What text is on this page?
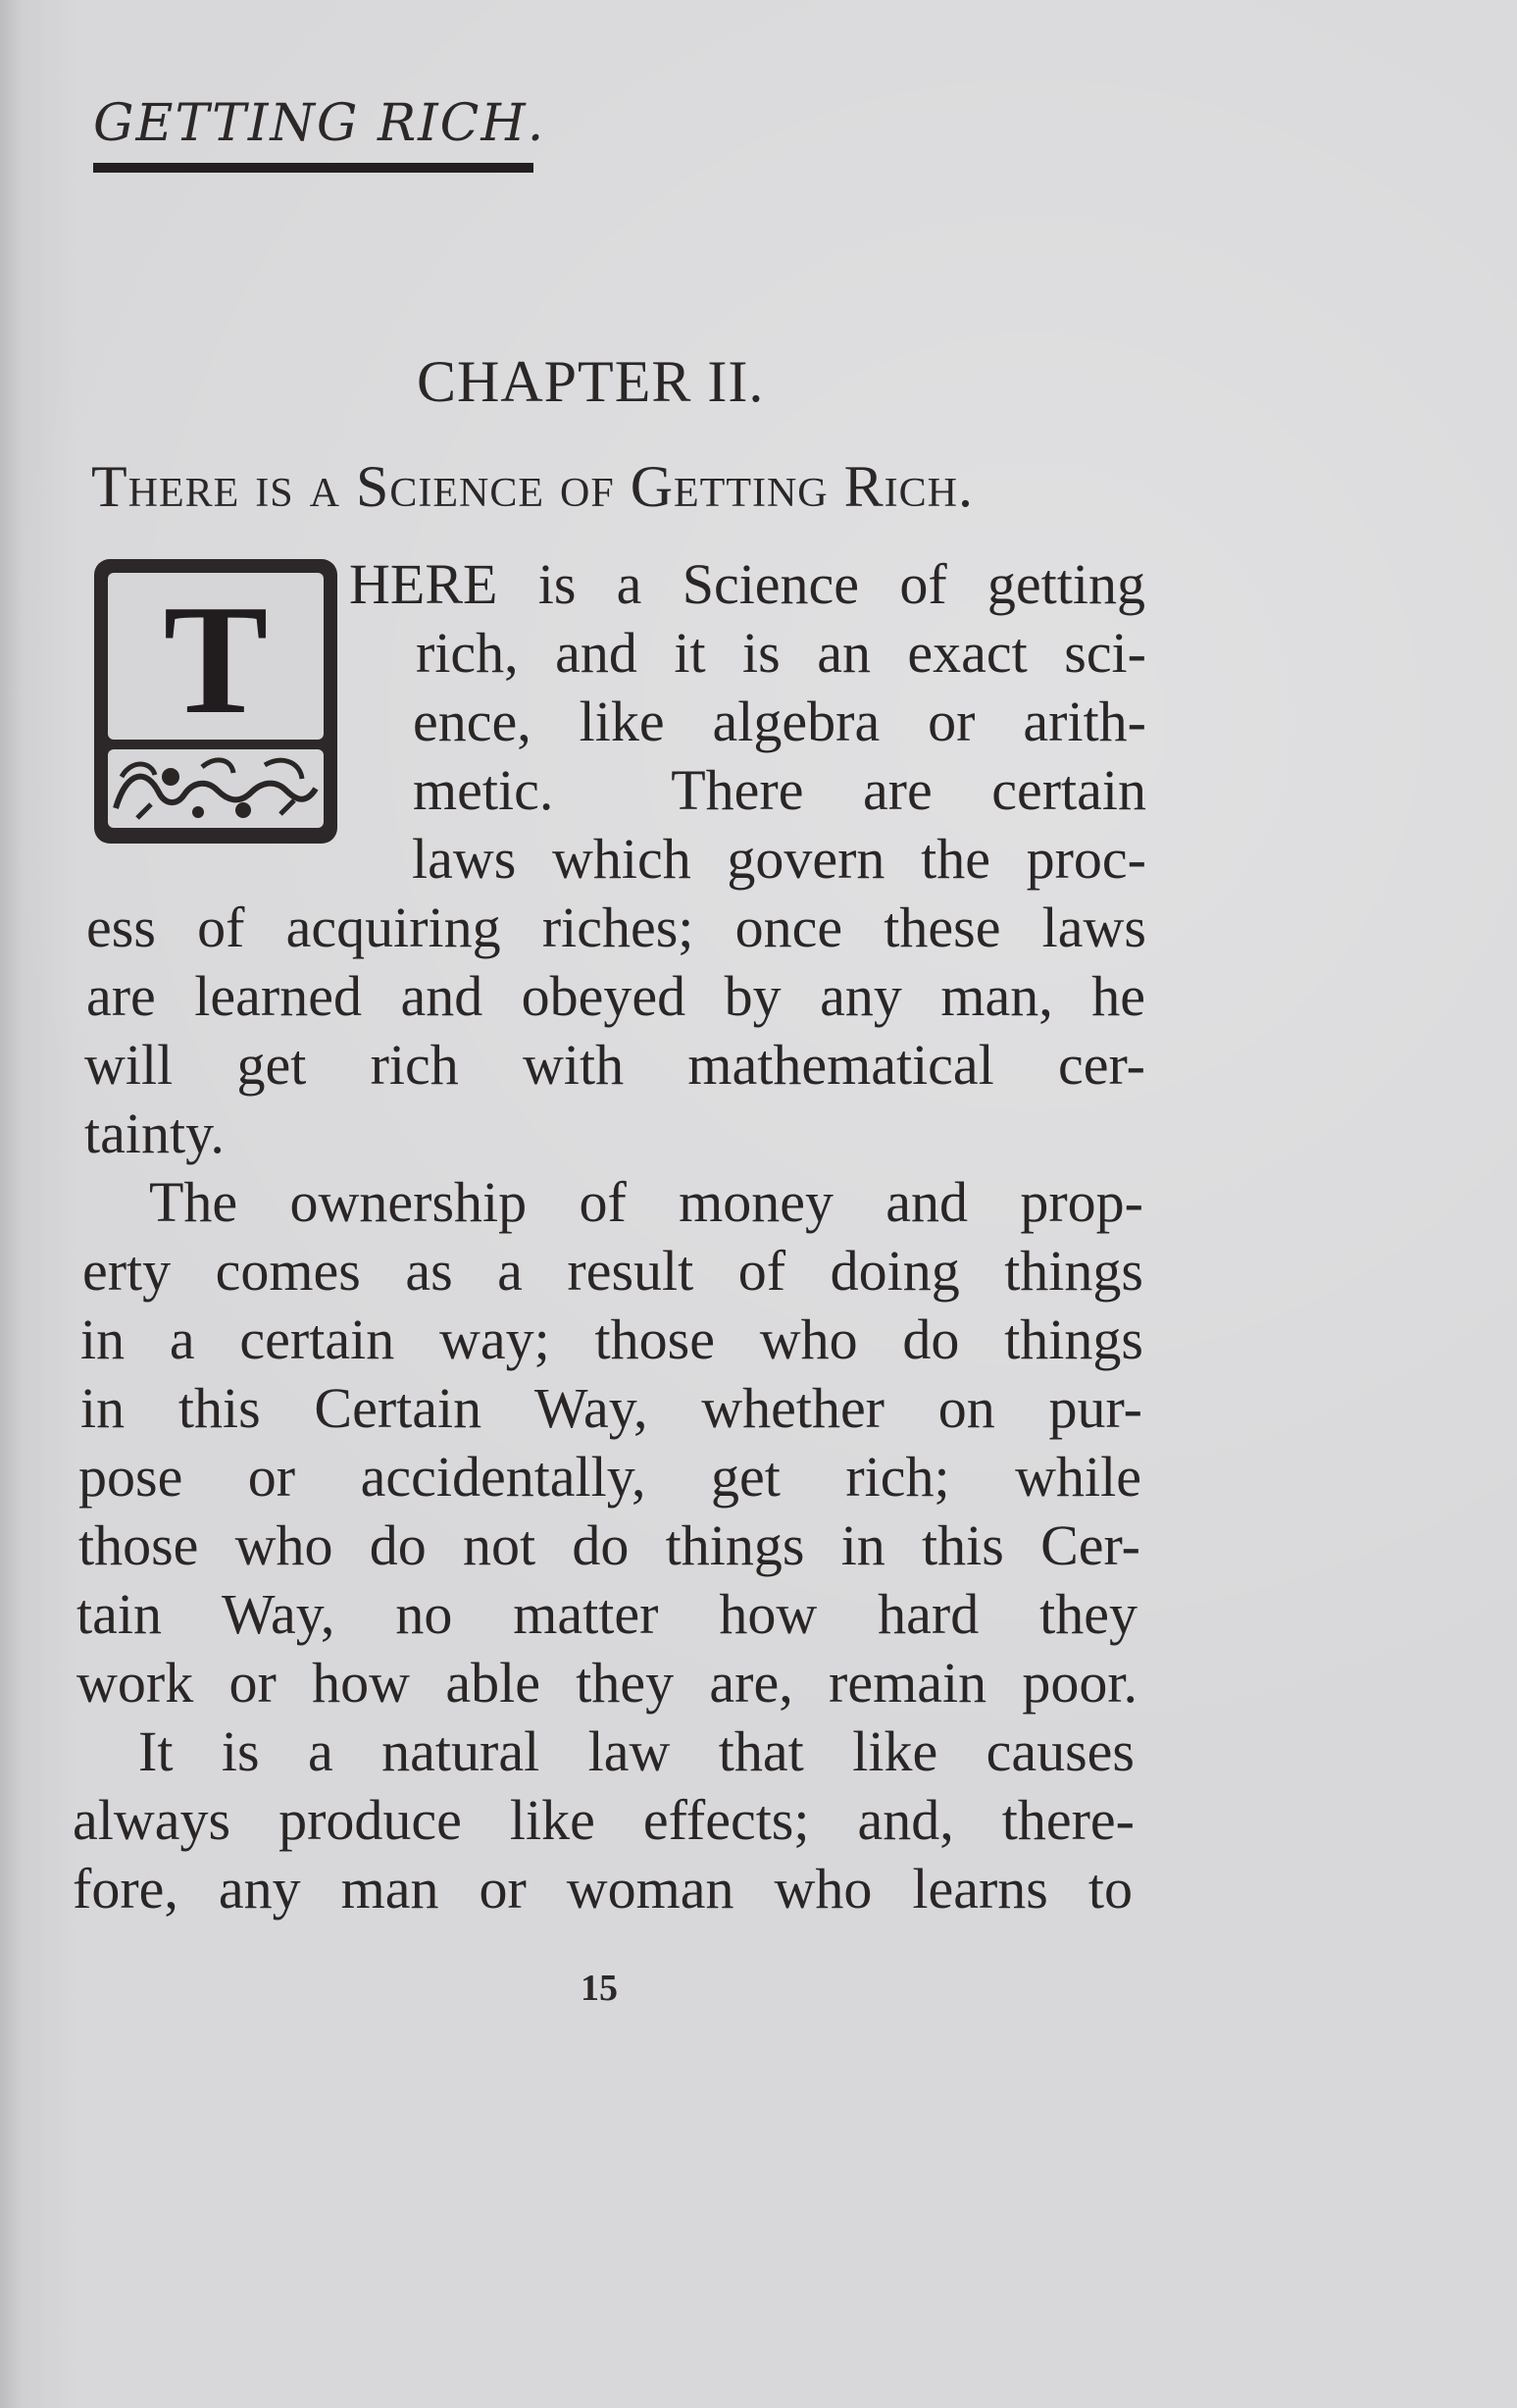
GETTING RICH.
CHAPTER II.
There is a Science of Getting Rich.
T	HERE is a Science of getting
rich, and it is an exact sci-
ence, like algebra or arith-
metic.  There are certain
laws which govern the proc-
ess of acquiring riches; once these laws
are learned and obeyed by any man, he
will get rich with mathematical cer-
tainty.
The ownership of money and prop-
erty comes as a result of doing things
in a certain way; those who do things
in this Certain Way, whether on pur-
pose or accidentally, get rich; while
those who do not do things in this Cer-
tain Way, no matter how hard they
work or how able they are, remain poor.
It is a natural law that like causes
always produce like effects; and, there-
fore, any man or woman who learns to
15
